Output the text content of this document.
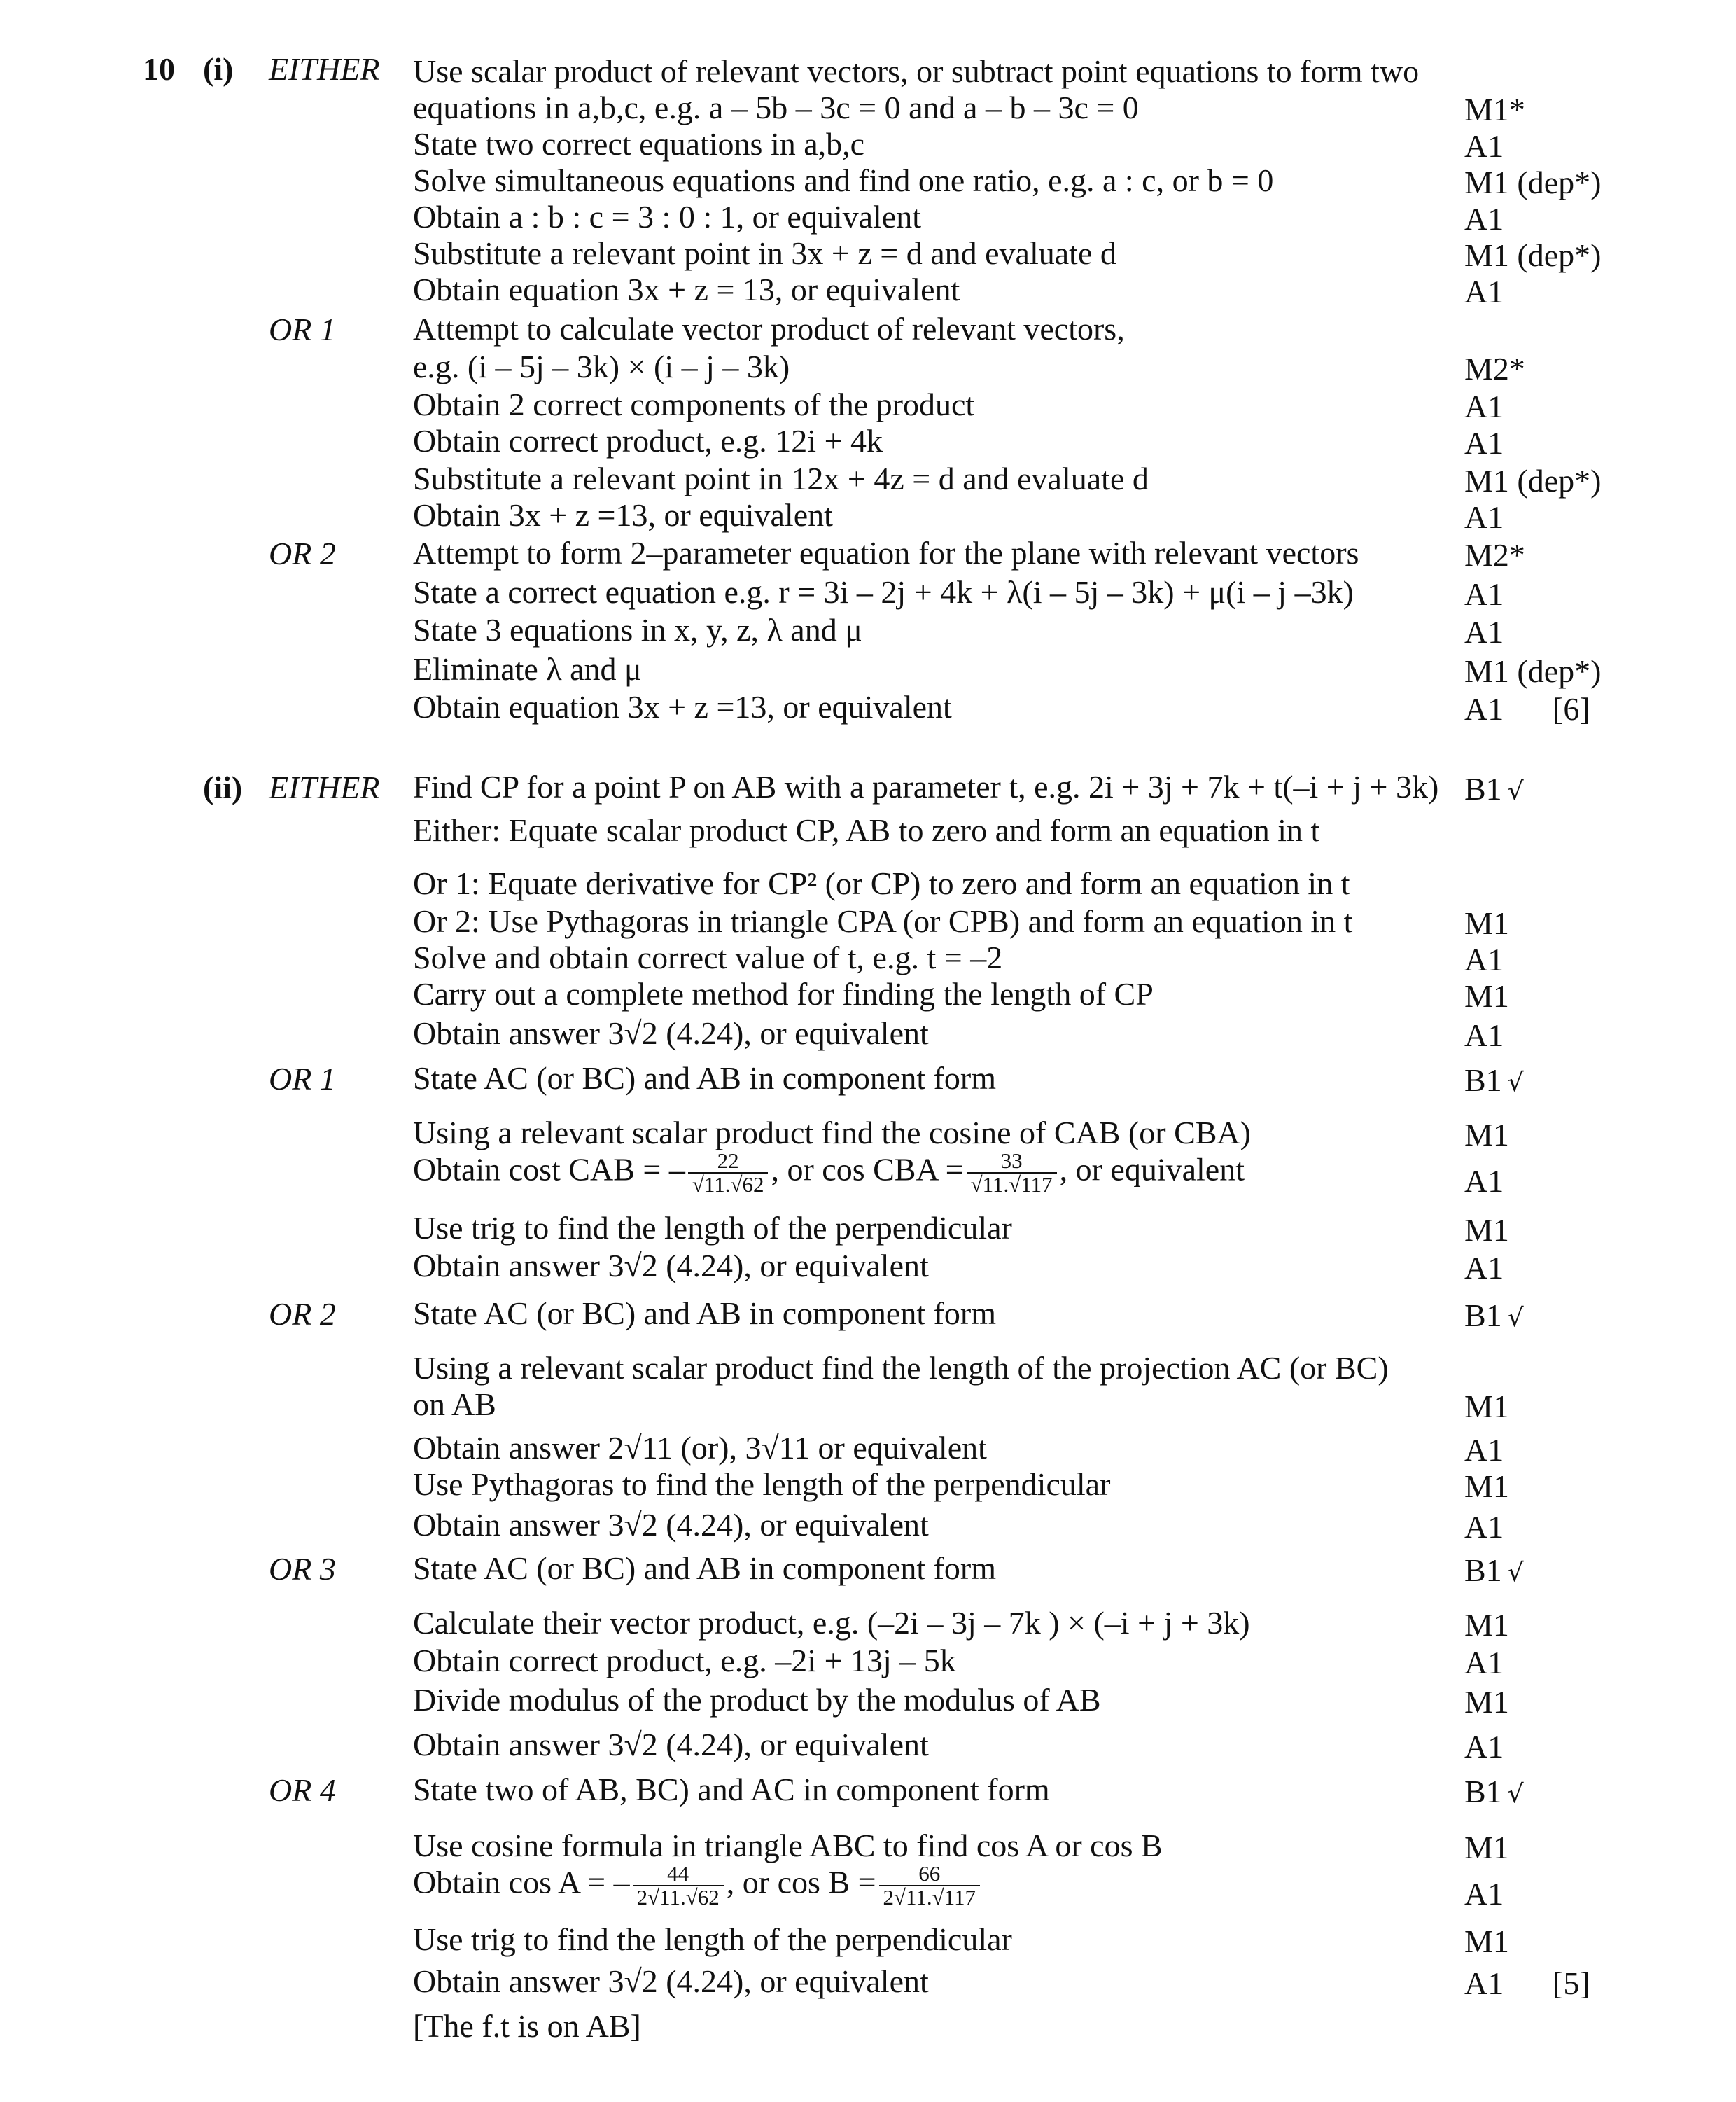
10 (i) EITHER Use scalar product of relevant vectors, or subtract point equations to form two
equations in a,b,c, e.g. a – 5b – 3c = 0 and a – b – 3c = 0	M1*
State two correct equations in a,b,c	A1
Solve simultaneous equations and find one ratio, e.g. a : c, or b = 0	M1 (dep*)
Obtain a : b : c = 3 : 0 : 1, or equivalent	A1
Substitute a relevant point in 3x + z = d and evaluate d	M1 (dep*)
Obtain equation 3x + z = 13, or equivalent	A1
OR 1 Attempt to calculate vector product of relevant vectors,
e.g. (i – 5j – 3k) × (i – j – 3k)	M2*
Obtain 2 correct components of the product	A1
Obtain correct product, e.g. 12i + 4k	A1
Substitute a relevant point in 12x + 4z = d and evaluate d	M1 (dep*)
Obtain 3x + z =13, or equivalent	A1
OR 2 Attempt to form 2–parameter equation for the plane with relevant vectors	M2*
State a correct equation e.g. r = 3i – 2j + 4k + λ(i – 5j – 3k) + μ(i – j –3k)	A1
State 3 equations in x, y, z, λ and μ	A1
Eliminate λ and μ	M1 (dep*)
Obtain equation 3x + z =13, or equivalent	A1 [6]
(ii) EITHER Find CP for a point P on AB with a parameter t, e.g. 2i + 3j + 7k + t(–i + j + 3k) B1 √
Either: Equate scalar product CP, AB to zero and form an equation in t
Or 1: Equate derivative for CP² (or CP) to zero and form an equation in t
Or 2: Use Pythagoras in triangle CPA (or CPB) and form an equation in t	M1
Solve and obtain correct value of t, e.g. t = –2	A1
Carry out a complete method for finding the length of CP	M1
Obtain answer 3√2 (4.24), or equivalent	A1
OR 1 State AC (or BC) and AB in component form	B1 √
Using a relevant scalar product find the cosine of CAB (or CBA)	M1
Obtain cost CAB = – $\frac{22}{√11.√62}$ , or cos CBA = $\frac{33}{√11.√117}$ , or equivalent	A1
Use trig to find the length of the perpendicular	M1
Obtain answer 3√2 (4.24), or equivalent	A1
OR 2 State AC (or BC) and AB in component form	B1 √
Using a relevant scalar product find the length of the projection AC (or BC)
on AB	M1
Obtain answer 2√11 (or), 3√11 or equivalent	A1
Use Pythagoras to find the length of the perpendicular	M1
Obtain answer 3√2 (4.24), or equivalent	A1
OR 3 State AC (or BC) and AB in component form	B1 √
Calculate their vector product, e.g. (–2i – 3j – 7k ) × (–i + j + 3k)	M1
Obtain correct product, e.g. –2i + 13j – 5k	A1
Divide modulus of the product by the modulus of AB	M1
Obtain answer 3√2 (4.24), or equivalent	A1
OR 4 State two of AB, BC) and AC in component form	B1 √
Use cosine formula in triangle ABC to find cos A or cos B	M1
Obtain cos A = – $\frac{44}{2√11.√62}$ , or $\cos B = \frac{66}{2√11.√117}$	A1
Use trig to find the length of the perpendicular	M1
Obtain answer 3√2 (4.24), or equivalent	A1 [5]
[The f.t is on AB]
